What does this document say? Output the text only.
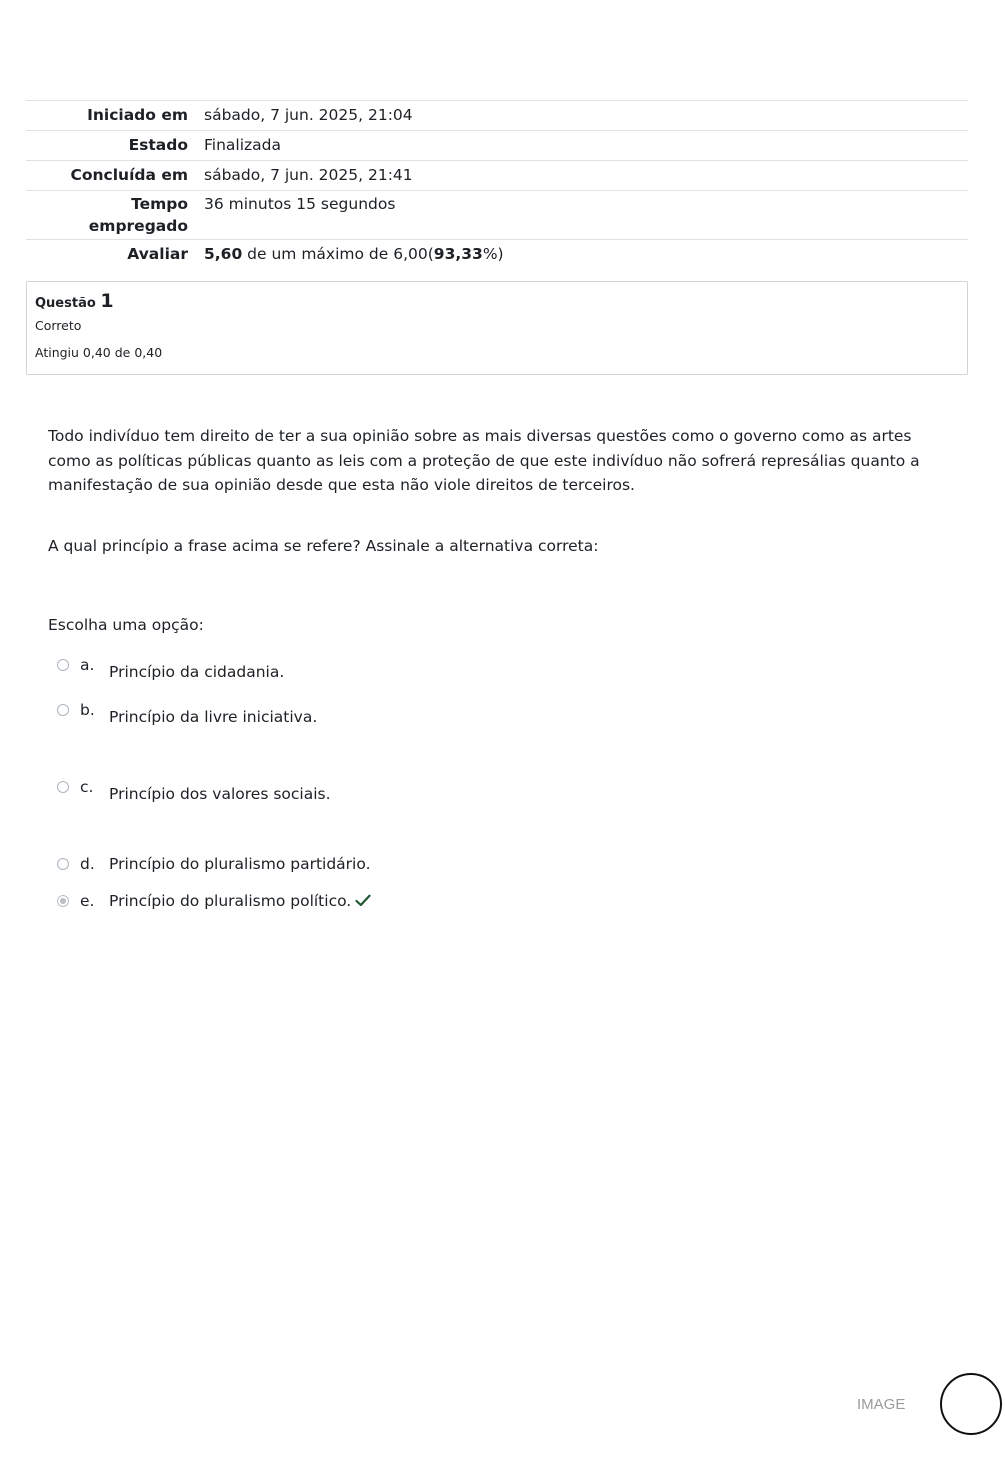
Iniciado em	sábado, 7 jun. 2025, 21:04
Estado	Finalizada
Concluída em	sábado, 7 jun. 2025, 21:41
Tempo
empregado	36 minutos 15 segundos
Avaliar	5,60 de um máximo de 6,00(93,33%)
Questão 1
Correto
Atingiu 0,40 de 0,40
Todo indivíduo tem direito de ter a sua opinião sobre as mais diversas questões como o governo como as artes como as políticas públicas quanto as leis com a proteção de que este indivíduo não sofrerá represálias quanto a manifestação de sua opinião desde que esta não viole direitos de terceiros.
A qual princípio a frase acima se refere? Assinale a alternativa correta:
Escolha uma opção:
a. Princípio da cidadania.
b. Princípio da livre iniciativa.
c. Princípio dos valores sociais.
d. Princípio do pluralismo partidário.
e. Princípio do pluralismo político.
IMAGE
